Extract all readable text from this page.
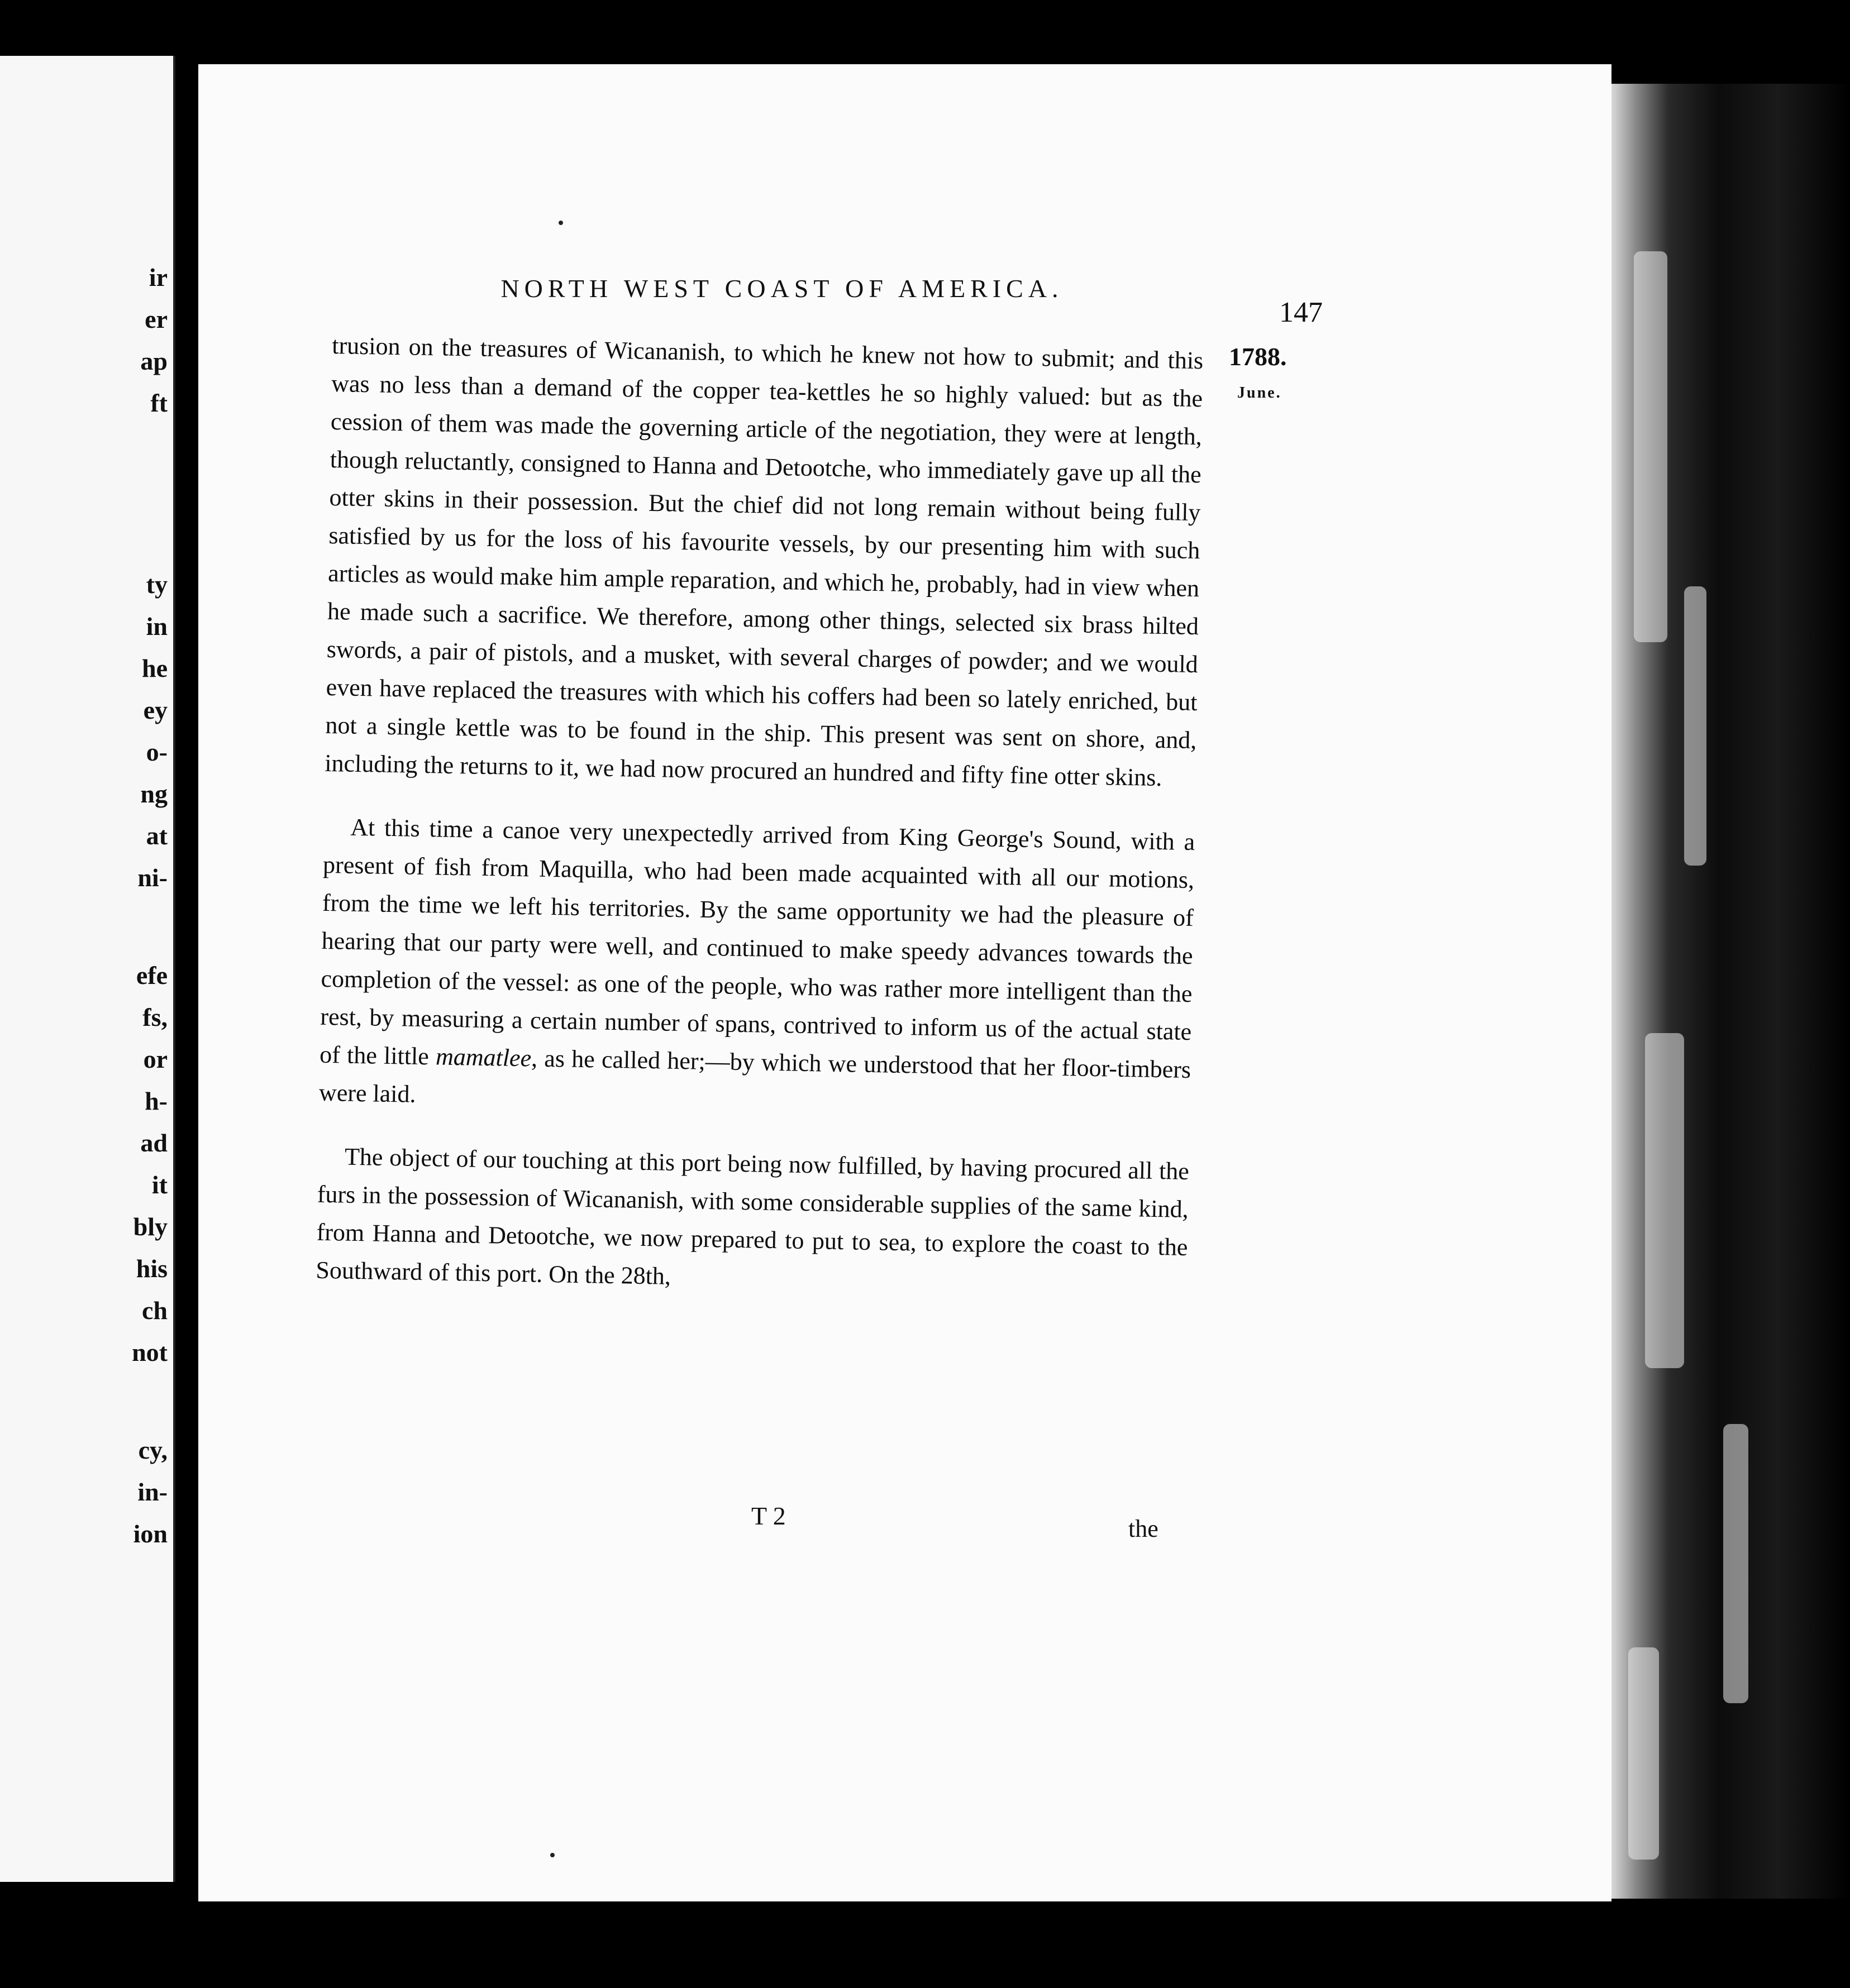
ir
er
ap
ft
ty
in
he
ey
o-
ng
at
ni-
efe
fs,
or
h-
ad
it
bly
his
ch
not
cy,
in-
ion
NORTH WEST COAST OF AMERICA.
147
1788.
June.

trusion on the treasures of Wicananish, to which he knew not how to submit; and this was no less than a demand of the copper tea-kettles he so highly valued: but as the cession of them was made the governing article of the negotiation, they were at length, though reluctantly, consigned to Hanna and Detootche, who immediately gave up all the otter skins in their possession. But the chief did not long remain without being fully satisfied by us for the loss of his favourite vessels, by our presenting him with such articles as would make him ample reparation, and which he, probably, had in view when he made such a sacrifice. We therefore, among other things, selected six brass hilted swords, a pair of pistols, and a musket, with several charges of powder; and we would even have replaced the treasures with which his coffers had been so lately enriched, but not a single kettle was to be found in the ship. This present was sent on shore, and, including the returns to it, we had now procured an hundred and fifty fine otter skins.

At this time a canoe very unexpectedly arrived from King George's Sound, with a present of fish from Maquilla, who had been made acquainted with all our motions, from the time we left his territories. By the same opportunity we had the pleasure of hearing that our party were well, and continued to make speedy advances towards the completion of the vessel: as one of the people, who was rather more intelligent than the rest, by measuring a certain number of spans, contrived to inform us of the actual state of the little mamatlee, as he called her;—by which we understood that her floor-timbers were laid.

The object of our touching at this port being now fulfilled, by having procured all the furs in the possession of Wicananish, with some considerable supplies of the same kind, from Hanna and Detootche, we now prepared to put to sea, to explore the coast to the Southward of this port. On the 28th,

T 2	the
